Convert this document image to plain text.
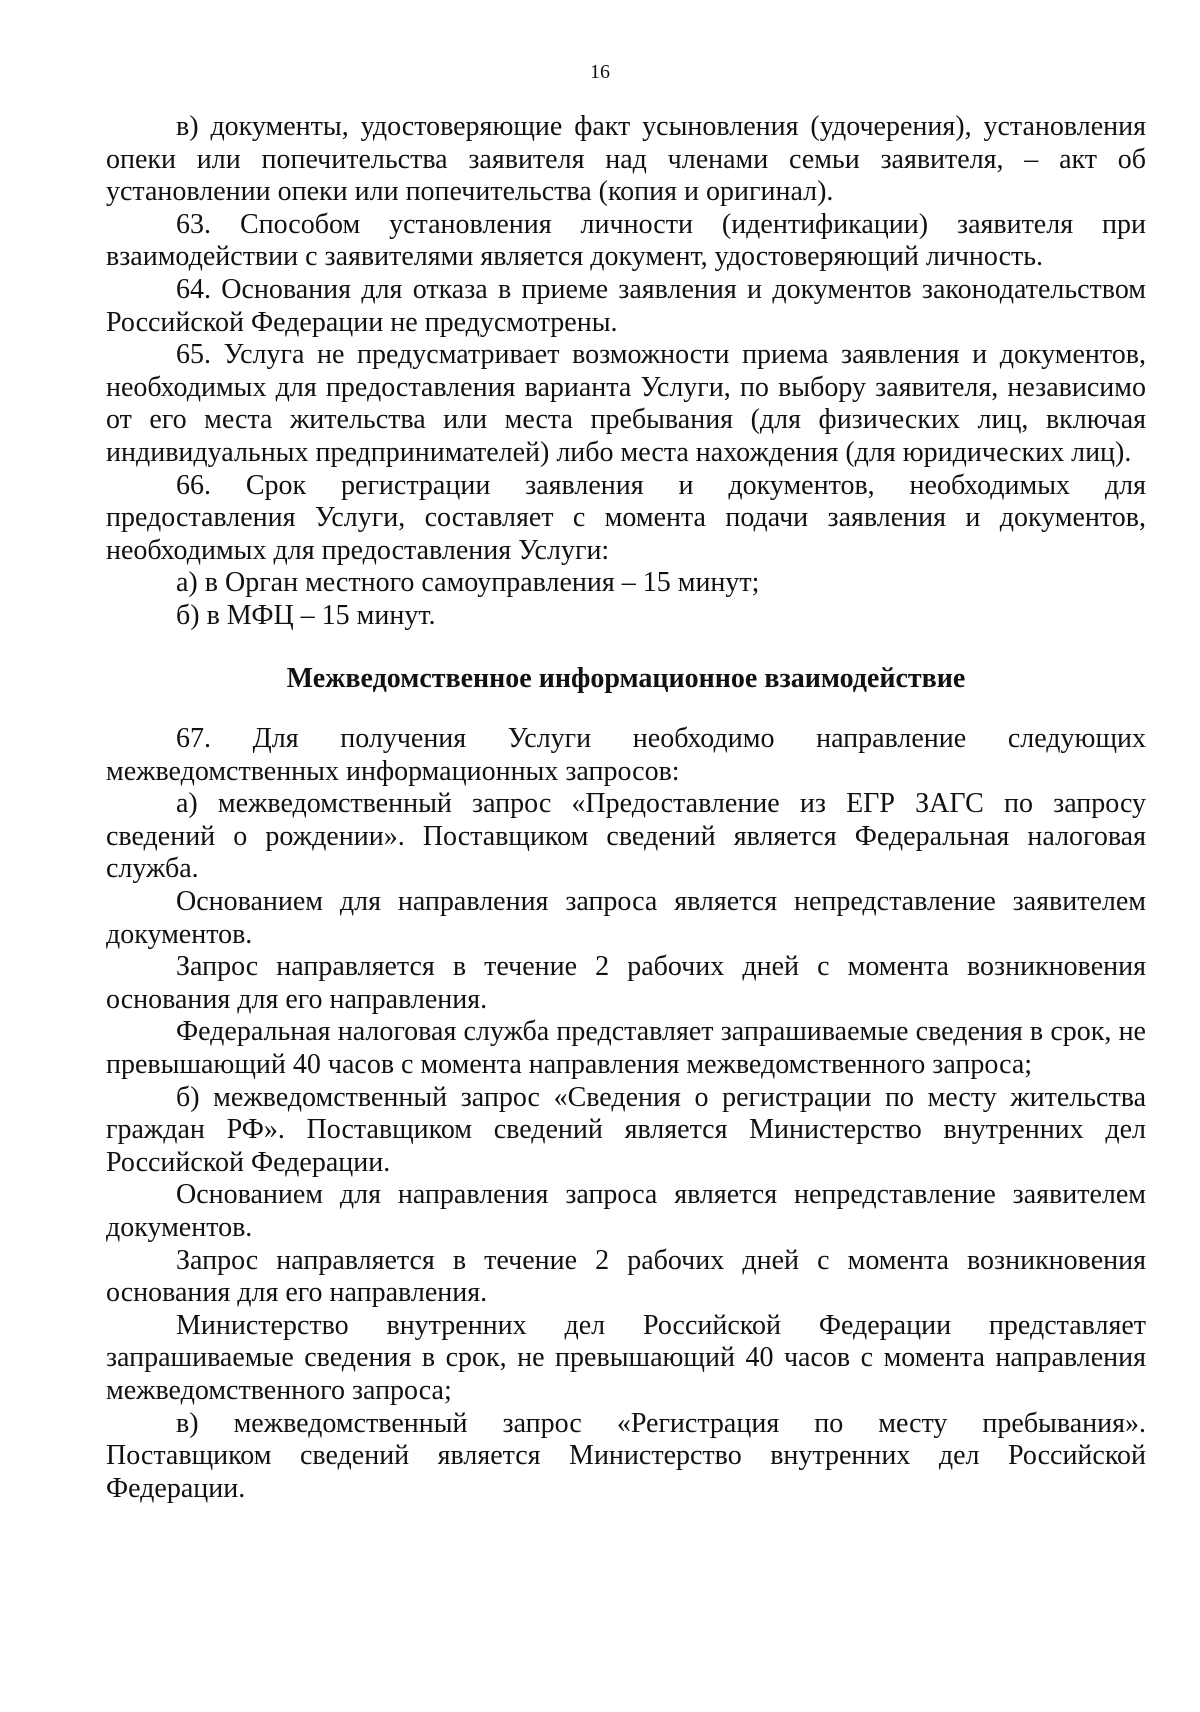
16

в) документы, удостоверяющие факт усыновления (удочерения), установления опеки или попечительства заявителя над членами семьи заявителя, – акт об установлении опеки или попечительства (копия и оригинал).

63. Способом установления личности (идентификации) заявителя при взаимодействии с заявителями является документ, удостоверяющий личность.

64. Основания для отказа в приеме заявления и документов законодательством Российской Федерации не предусмотрены.

65. Услуга не предусматривает возможности приема заявления и документов, необходимых для предоставления варианта Услуги, по выбору заявителя, независимо от его места жительства или места пребывания (для физических лиц, включая индивидуальных предпринимателей) либо места нахождения (для юридических лиц).

66. Срок регистрации заявления и документов, необходимых для предоставления Услуги, составляет с момента подачи заявления и документов, необходимых для предоставления Услуги:

а) в Орган местного самоуправления – 15 минут;

б) в МФЦ – 15 минут.

Межведомственное информационное взаимодействие

67. Для получения Услуги необходимо направление следующих межведомственных информационных запросов:

а) межведомственный запрос «Предоставление из ЕГР ЗАГС по запросу сведений о рождении». Поставщиком сведений является Федеральная налоговая служба.

Основанием для направления запроса является непредставление заявителем документов.

Запрос направляется в течение 2 рабочих дней с момента возникновения основания для его направления.

Федеральная налоговая служба представляет запрашиваемые сведения в срок, не превышающий 40 часов с момента направления межведомственного запроса;

б) межведомственный запрос «Сведения о регистрации по месту жительства граждан РФ». Поставщиком сведений является Министерство внутренних дел Российской Федерации.

Основанием для направления запроса является непредставление заявителем документов.

Запрос направляется в течение 2 рабочих дней с момента возникновения основания для его направления.

Министерство внутренних дел Российской Федерации представляет запрашиваемые сведения в срок, не превышающий 40 часов с момента направления межведомственного запроса;

в) межведомственный запрос «Регистрация по месту пребывания». Поставщиком сведений является Министерство внутренних дел Российской Федерации.
